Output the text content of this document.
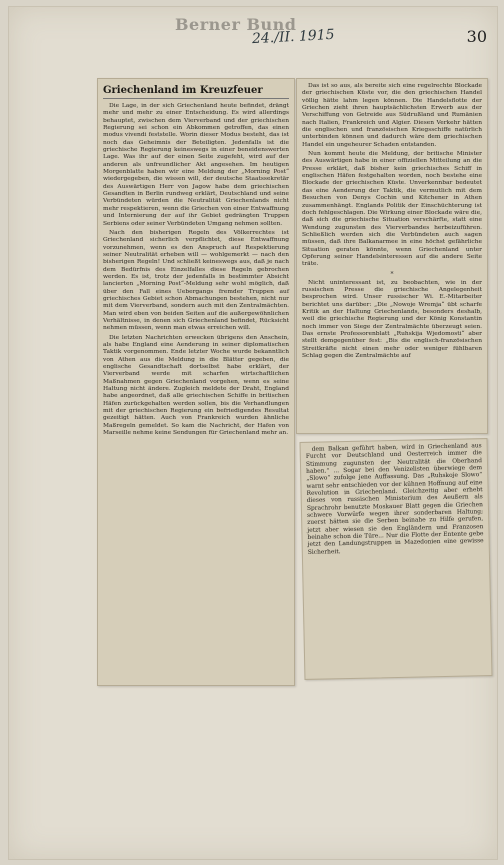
Berner Bund
24./II. 1915	30
Griechenland im Kreuzfeuer

Die Lage, in der sich Griechenland heute befindet, drängt mehr und mehr zu einer Entscheidung. Es wird allerdings behauptet, zwischen dem Vierverband und der griechischen Regierung sei schon ein Abkommen getroffen, das einen modus vivendi feststelle. Worin dieser Modus besteht, das ist noch das Geheimnis der Beteiligten. Jedenfalls ist die griechische Regierung keineswegs in einer beneidenswerten Lage. Was ihr auf der einen Seite zugefeht, wird auf der anderen als unfreundlicher Akt angesehen. Im heutigen Morgenblatte haben wir eine Meldung der „Morning Post“ wiedergegeben, die wissen will, der deutsche Staatssekretär des Auswärtigen Herr von Jagow habe dem griechischen Gesandten in Berlin rundweg erklärt, Deutschland und seine Verbündeten würden die Neutralität Griechenlands nicht mehr respektieren, wenn die Griechen von einer Entwaffnung und Internierung der auf ihr Gebiet gedrängten Truppen Serbiens oder seiner Verbündeten Umgang nehmen sollten.

Nach den bisherigen Regeln des Völkerrechtes ist Griechenland sicherlich verpflichtet, diese Entwaffnung vorzunehmen, wenn es den Anspruch auf Respektierung seiner Neutralität erheben will — wohlgemerkt — nach den bisherigen Regeln! Und schließt keineswegs aus, daß je nach dem Bedürfnis des Einzelfalles diese Regeln gebrochen werden. Es ist, trotz der jedenfalls in bestimmter Absicht lancierten „Morning Post“-Meldung sehr wohl möglich, daß über den Fall eines Uebergangs fremder Truppen auf griechisches Gebiet schon Abmachungen bestehen, nicht nur mit dem Vierverband, sondern auch mit den Zentralmächten. Man wird eben von beiden Seiten auf die außergewöhnlichen Verhältnisse, in denen sich Griechenland befindet, Rücksicht nehmen müssen, wenn man etwas erreichen will.

Die letzten Nachrichten erwecken übrigens den Anschein, als habe England eine Aenderung in seiner diplomatischen Taktik vorgenommen. Ende letzter Woche wurde bekanntlich von Athen aus die Meldung in die Blätter gegeben, die englische Gesandtschaft dortselbst habe erklärt, der Vierverband werde mit scharfen wirtschaftlichen Maßnahmen gegen Griechenland vorgehen, wenn es seine Haltung nicht ändere. Zugleich meldete der Draht, England habe angeordnet, daß alle griechischen Schiffe in britischen Häfen zurückgehalten werden sollen, bis die Verhandlungen mit der griechischen Regierung ein befriedigendes Resultat gezeitigt hätten. Auch von Frankreich wurden ähnliche Maßregeln gemeldet. So kam die Nachricht, der Hafen von Marseille nehme keine Sendungen für Griechenland mehr an.

Das ist so aus, als bereite sich eine regelrechte Blockade der griechischen Küste vor, die den griechischen Handel völlig hätte lahm legen können. Die Handelsflotte der Griechen zieht ihren hauptsächlichsten Erwerb aus der Verschiffung von Getreide aus Südrußland und Rumänien nach Italien, Frankreich und Algier. Diesen Verkehr hätten die englischen und französischen Kriegsschiffe natürlich unterbinden können und dadurch wäre dem griechischen Handel ein ungeheurer Schaden entstanden.

Nun kommt heute die Meldung, der britische Minister des Auswärtigen habe in einer offiziellen Mitteilung an die Presse erklärt, daß bisher kein griechisches Schiff in englischen Häfen festgehalten worden, noch bestehe eine Blockade der griechischen Küste. Unverkennbar bedeutet das eine Aenderung der Taktik, die vermutlich mit dem Besuchen von Denys Cochin und Kitchener in Athen zusammenhängt. Englands Politik der Einschüchterung ist doch fehlgeschlagen. Die Wirkung einer Blockade wäre die, daß sich die griechische Situation verschärfte, statt eine Wendung zugunsten des Vierverbandes herbeizuführen. Schließlich werden sich die Verbündeten auch sagen müssen, daß ihre Balkanarmee in eine höchst gefährliche Situation geraten könnte, wenn Griechenland unter Opferung seiner Handelsinteressen auf die andere Seite träte.

*

Nicht uninteressant ist, zu beobachten, wie in der russischen Presse die griechische Angelegenheit besprochen wird. Unser russischer Wi. E.-Mitarbeiter berichtet uns darüber: „Die „Nowoje Wremja“ übt scharfe Kritik an der Haltung Griechenlands, besonders deshalb, weil die griechische Regierung und der König Konstantin noch immer von Siege der Zentralmächte überzeugt seien. Das ernste Professorenblatt „Ruhskija Wjedomosti“ aber stellt demgegenüber fest: „Bis die englisch-französischen Streitkräfte nicht einen mehr oder weniger fühlbaren Schlag gegen die Zentralmächte auf

dem Balkan geführt haben, wird in Griechenland aus Furcht vor Deutschland und Oesterreich immer die Stimmung zugunsten der Neutralität die Oberhand haben.“ ... Sogar bei den Venizelisten überwiege dem „Slowo“ zufolge jene Auffassung. Das „Ruhskoje Slowo“ warnt sehr entschieden vor der kühnen Hoffnung auf eine Revolution in Griechenland. Gleichzeitig aber erhebt dieses von russischen Ministerium des Aeußern als Sprachrohr benutzte Moskauer Blatt gegen die Griechen schwere Vorwürfe wegen ihrer sonderbaren Haltung; zuerst hätten sie die Serben beinahe zu Hilfe gerufen, jetzt aber wiesen sie den Engländern und Franzosen beinahe schon die Türe... Nur die Flotte der Entente gebe jetzt den Landungstruppen in Mazedonien eine gewisse Sicherheit.
